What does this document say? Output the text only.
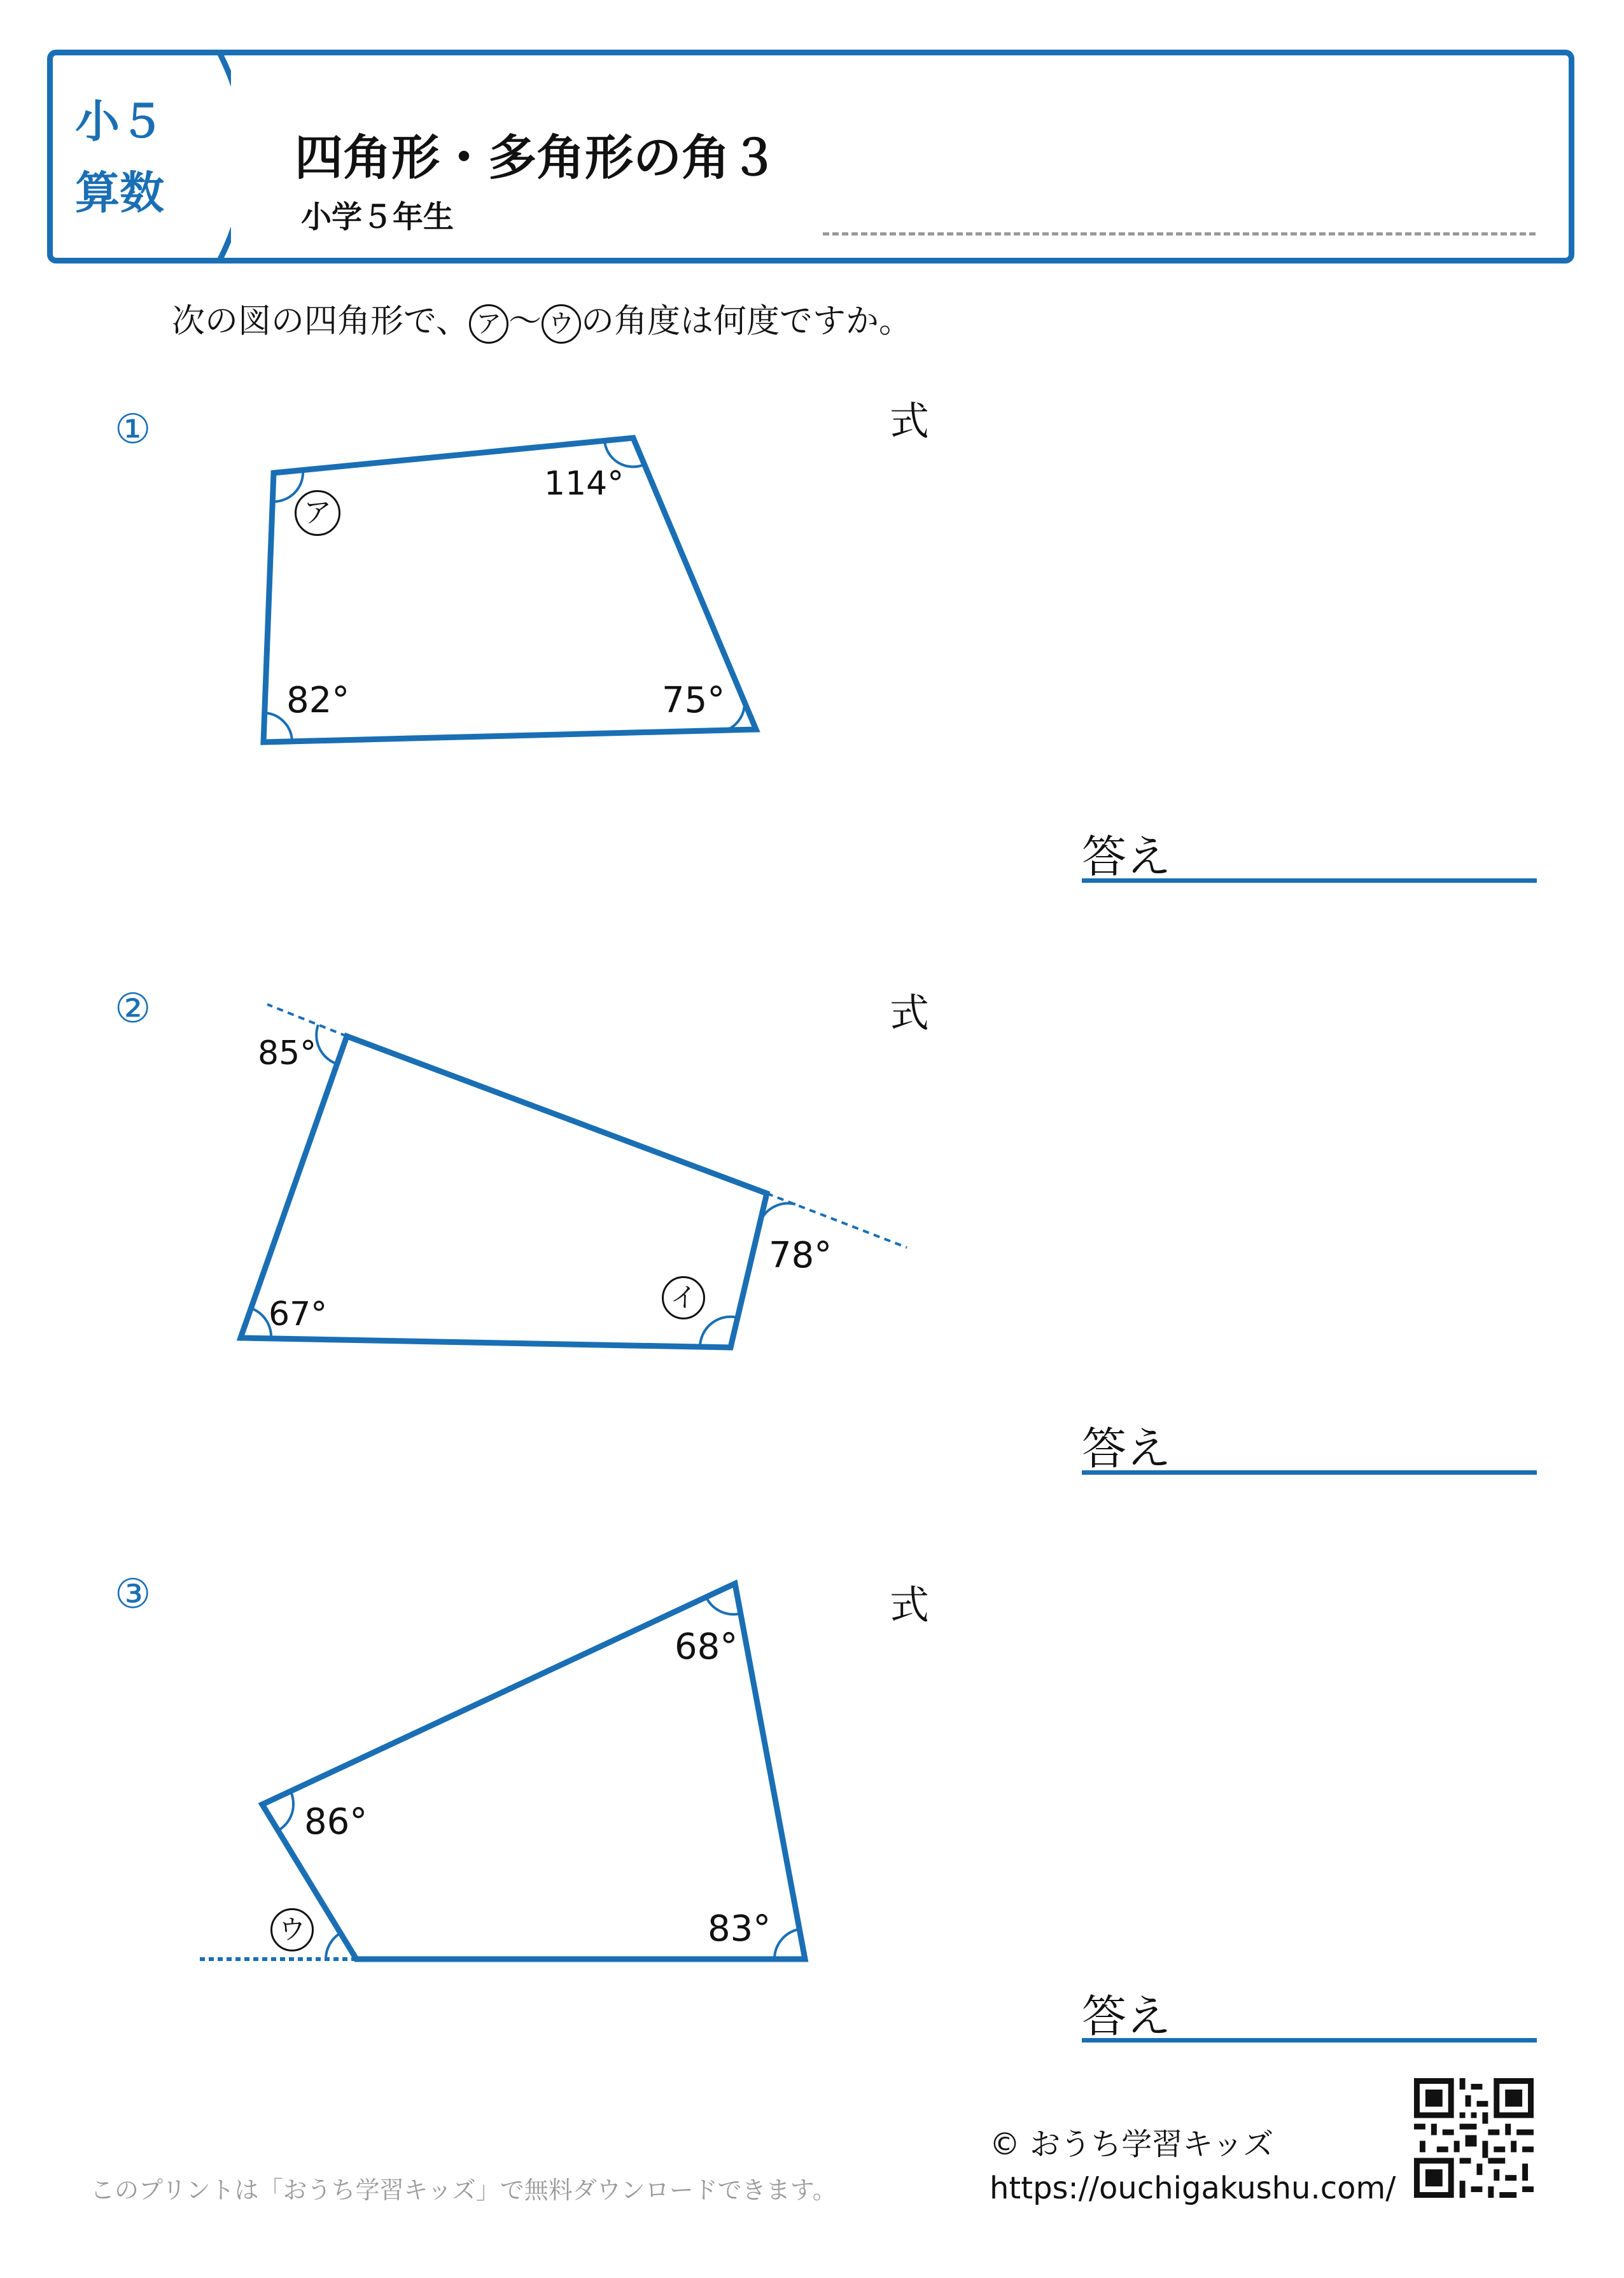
小５
算数
四角形・多角形の角３
小学５年生
次の図の四角形で、 ア 〜 ウ の角度は何度ですか。
①	式
答え
②	式
答え
③	式
答え
ア
114°
82°	75°
85°
78°
67°	イ
68°
86°
ウ	83°
このプリントは「おうち学習キッズ」で無料ダウンロードできます。
© おうち学習キッズ
https://ouchigakushu.com/
